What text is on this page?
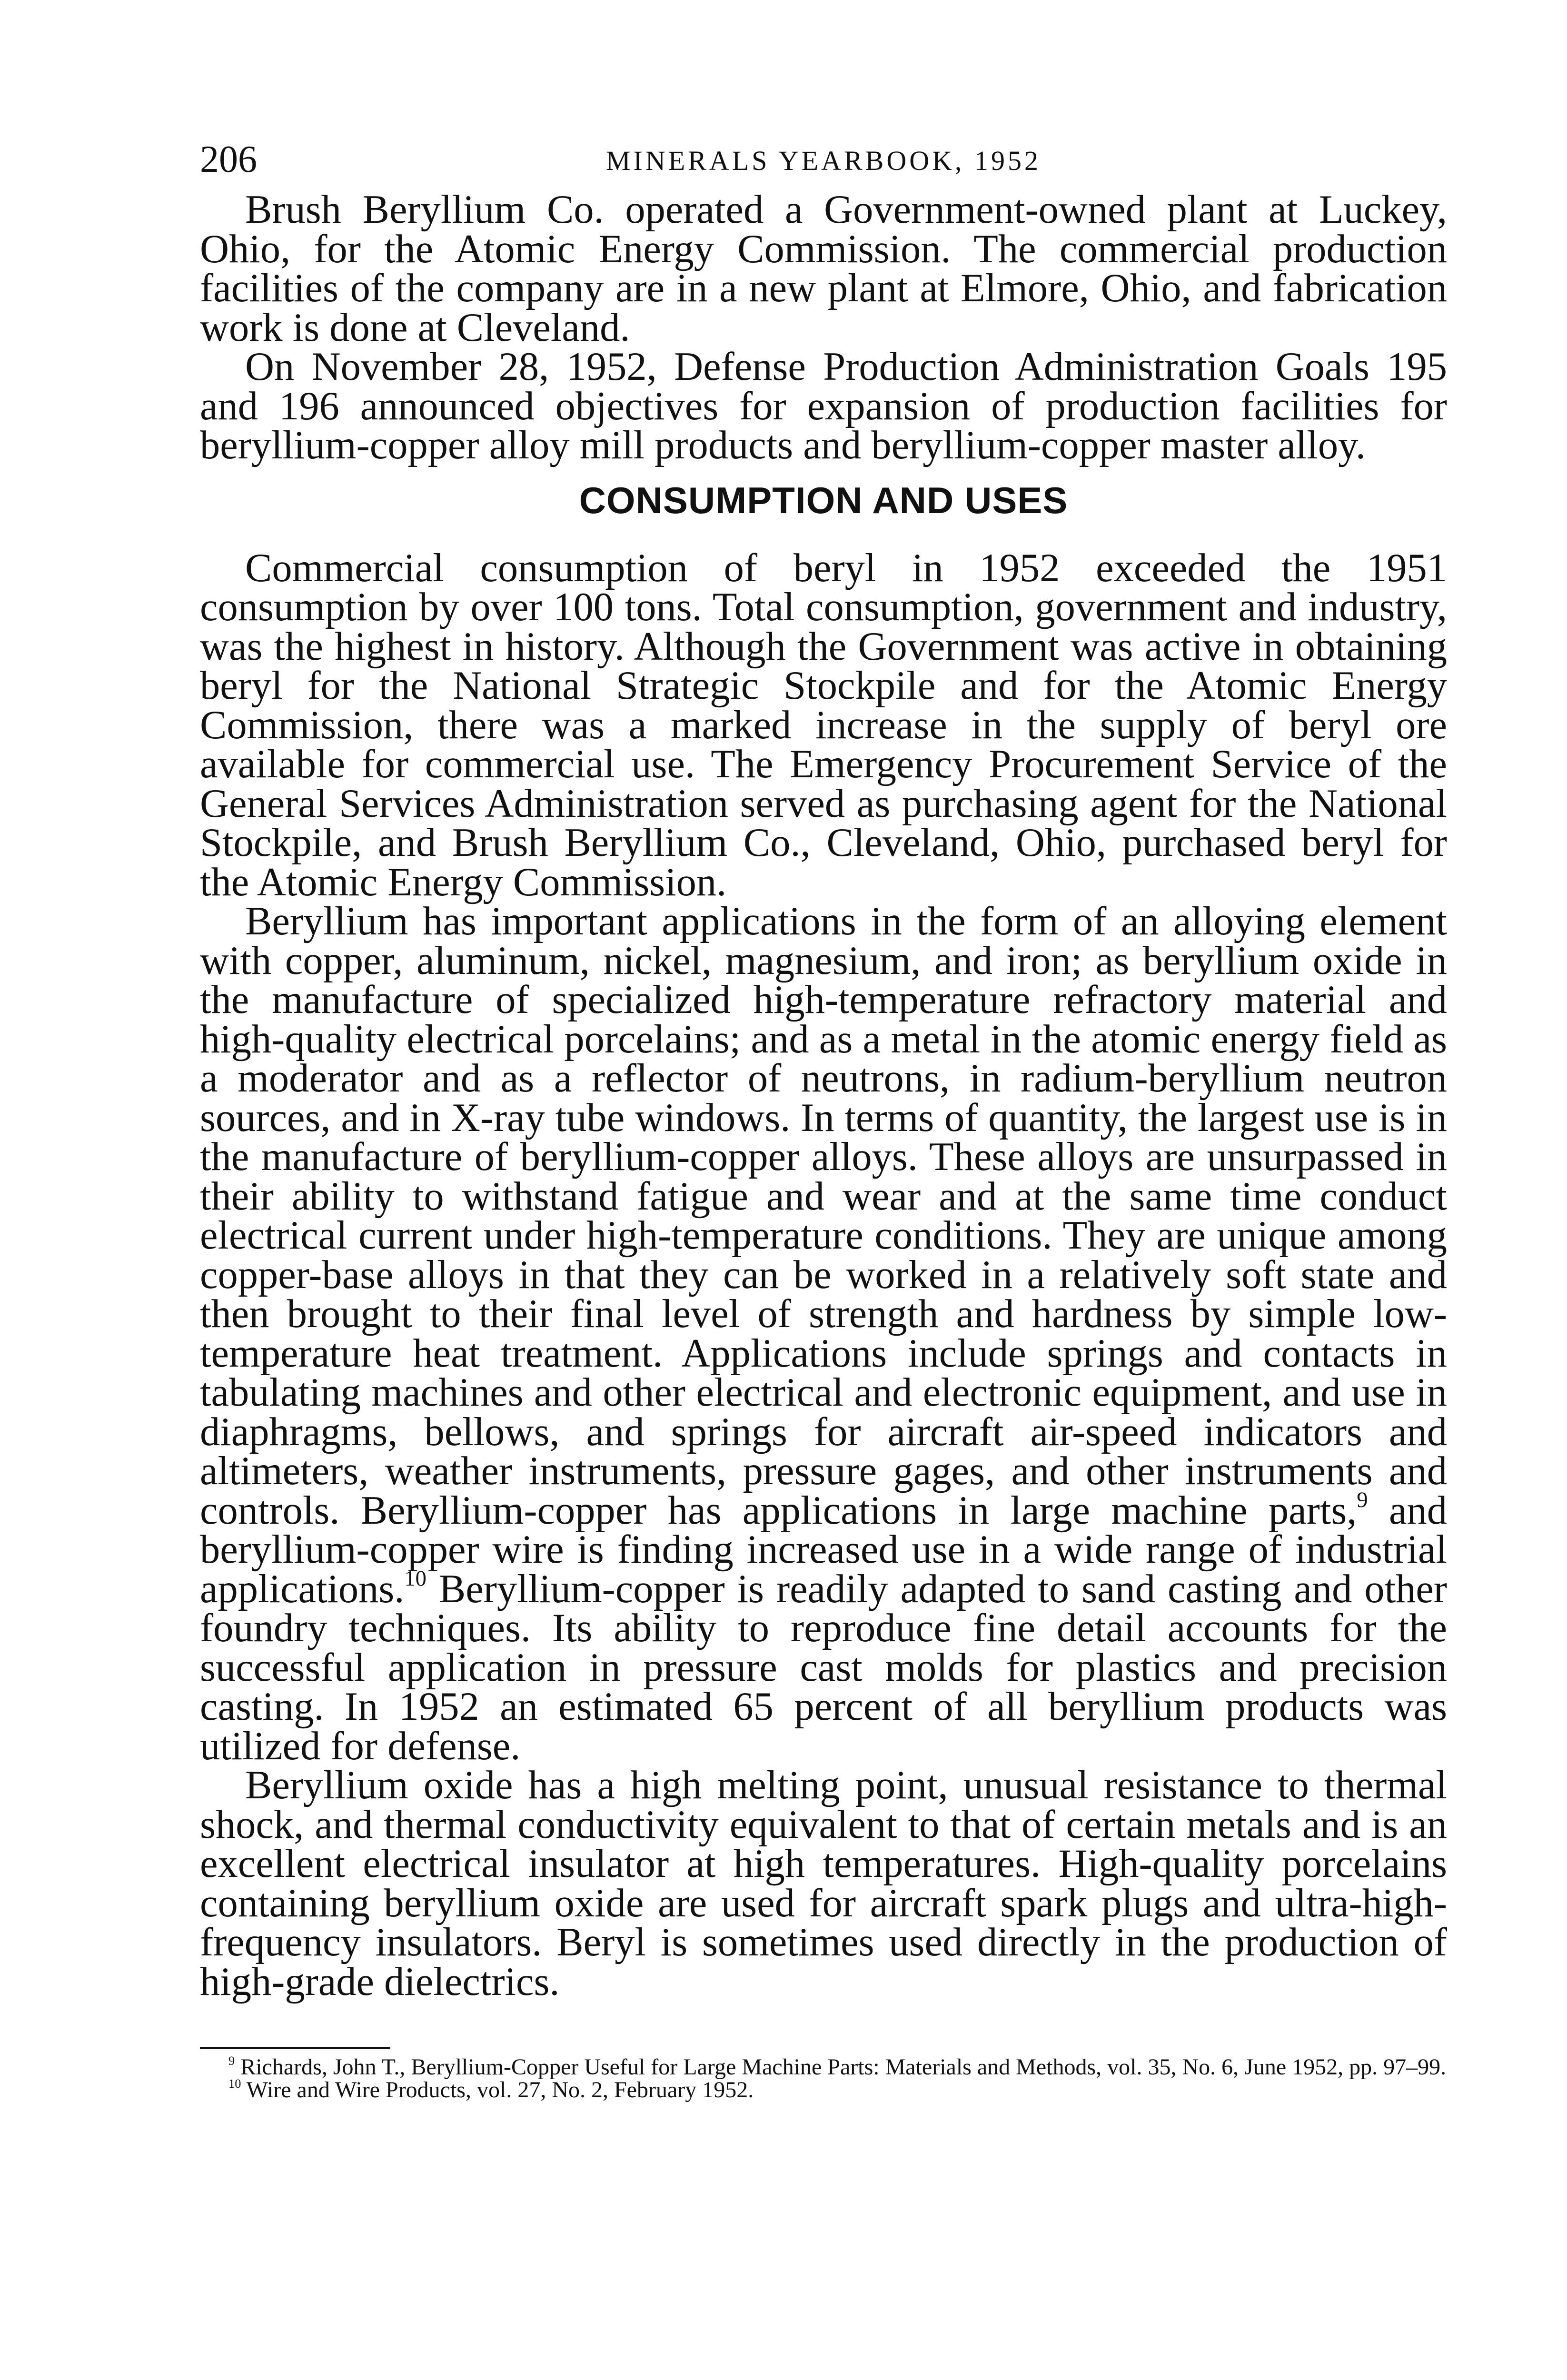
206	MINERALS YEARBOOK, 1952

Brush Beryllium Co. operated a Government-owned plant at Luckey, Ohio, for the Atomic Energy Commission. The commercial production facilities of the company are in a new plant at Elmore, Ohio, and fabrication work is done at Cleveland.

On November 28, 1952, Defense Production Administration Goals 195 and 196 announced objectives for expansion of production facilities for beryllium-copper alloy mill products and beryllium-copper master alloy.

CONSUMPTION AND USES

Commercial consumption of beryl in 1952 exceeded the 1951 consumption by over 100 tons. Total consumption, government and industry, was the highest in history. Although the Government was active in obtaining beryl for the National Strategic Stockpile and for the Atomic Energy Commission, there was a marked increase in the supply of beryl ore available for commercial use. The Emergency Procurement Service of the General Services Administration served as purchasing agent for the National Stockpile, and Brush Beryllium Co., Cleveland, Ohio, purchased beryl for the Atomic Energy Commission.

Beryllium has important applications in the form of an alloying element with copper, aluminum, nickel, magnesium, and iron; as beryllium oxide in the manufacture of specialized high-temperature refractory material and high-quality electrical porcelains; and as a metal in the atomic energy field as a moderator and as a reflector of neutrons, in radium-beryllium neutron sources, and in X-ray tube windows. In terms of quantity, the largest use is in the manufacture of beryllium-copper alloys. These alloys are unsurpassed in their ability to withstand fatigue and wear and at the same time conduct electrical current under high-temperature conditions. They are unique among copper-base alloys in that they can be worked in a relatively soft state and then brought to their final level of strength and hardness by simple low-temperature heat treatment. Applications include springs and contacts in tabulating machines and other electrical and electronic equipment, and use in diaphragms, bellows, and springs for aircraft air-speed indicators and altimeters, weather instruments, pressure gages, and other instruments and controls. Beryllium-copper has applications in large machine parts,$^9$ and beryllium-copper wire is finding increased use in a wide range of industrial applications.$^{10}$ Beryllium-copper is readily adapted to sand casting and other foundry techniques. Its ability to reproduce fine detail accounts for the successful application in pressure cast molds for plastics and precision casting. In 1952 an estimated 65 percent of all beryllium products was utilized for defense.

Beryllium oxide has a high melting point, unusual resistance to thermal shock, and thermal conductivity equivalent to that of certain metals and is an excellent electrical insulator at high temperatures. High-quality porcelains containing beryllium oxide are used for aircraft spark plugs and ultra-high-frequency insulators. Beryl is sometimes used directly in the production of high-grade dielectrics.

$^9$ Richards, John T., Beryllium-Copper Useful for Large Machine Parts: Materials and Methods, vol. 35, No. 6, June 1952, pp. 97–99.

$^{10}$ Wire and Wire Products, vol. 27, No. 2, February 1952.
